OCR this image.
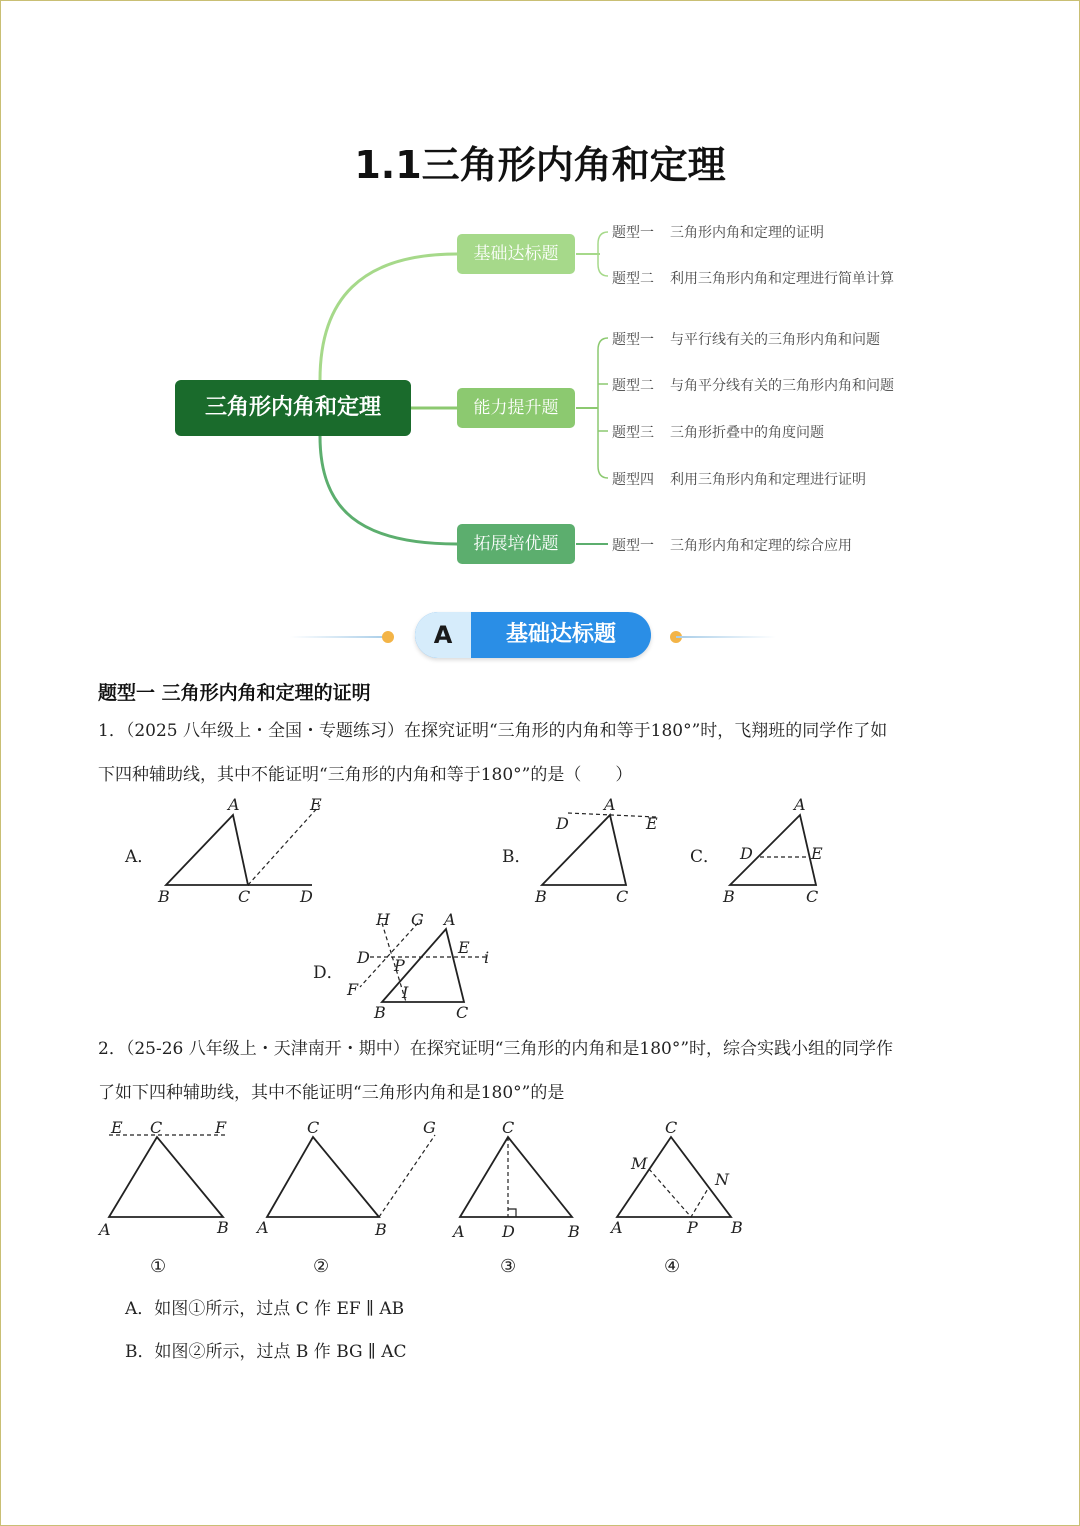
1.1三角形内角和定理
三角形内角和定理
基础达标题
能力提升题
拓展培优题
题型一 三角形内角和定理的证明
题型二 利用三角形内角和定理进行简单计算
题型一 与平行线有关的三角形内角和问题
题型二 与角平分线有关的三角形内角和问题
题型三 三角形折叠中的角度问题
题型四 利用三角形内角和定理进行证明
题型一 三角形内角和定理的综合应用
A	基础达标题
题型一 三角形内角和定理的证明
1．（2025 八年级上・全国・专题练习）在探究证明“三角形的内角和等于180°”时，飞翔班的同学作了如
下四种辅助线，其中不能证明“三角形的内角和等于180°”的是（　　）
A．	B．	C．
D．
A	E
B	C	D
A
D	E
B	C
A
D	E
B	C
H G A
E
D	i
P
F	I
B	C
2．（25-26 八年级上・天津南开・期中）在探究证明“三角形的内角和是180°”时，综合实践小组的同学作
了如下四种辅助线，其中不能证明“三角形内角和是180°”的是
E C	F
A	B
C	G
A	B
C
A D	B
C
M
N
A	P B
①	②	③	④
A．如图①所示，过点 C 作 EF ∥ AB
B．如图②所示，过点 B 作 BG ∥ AC
